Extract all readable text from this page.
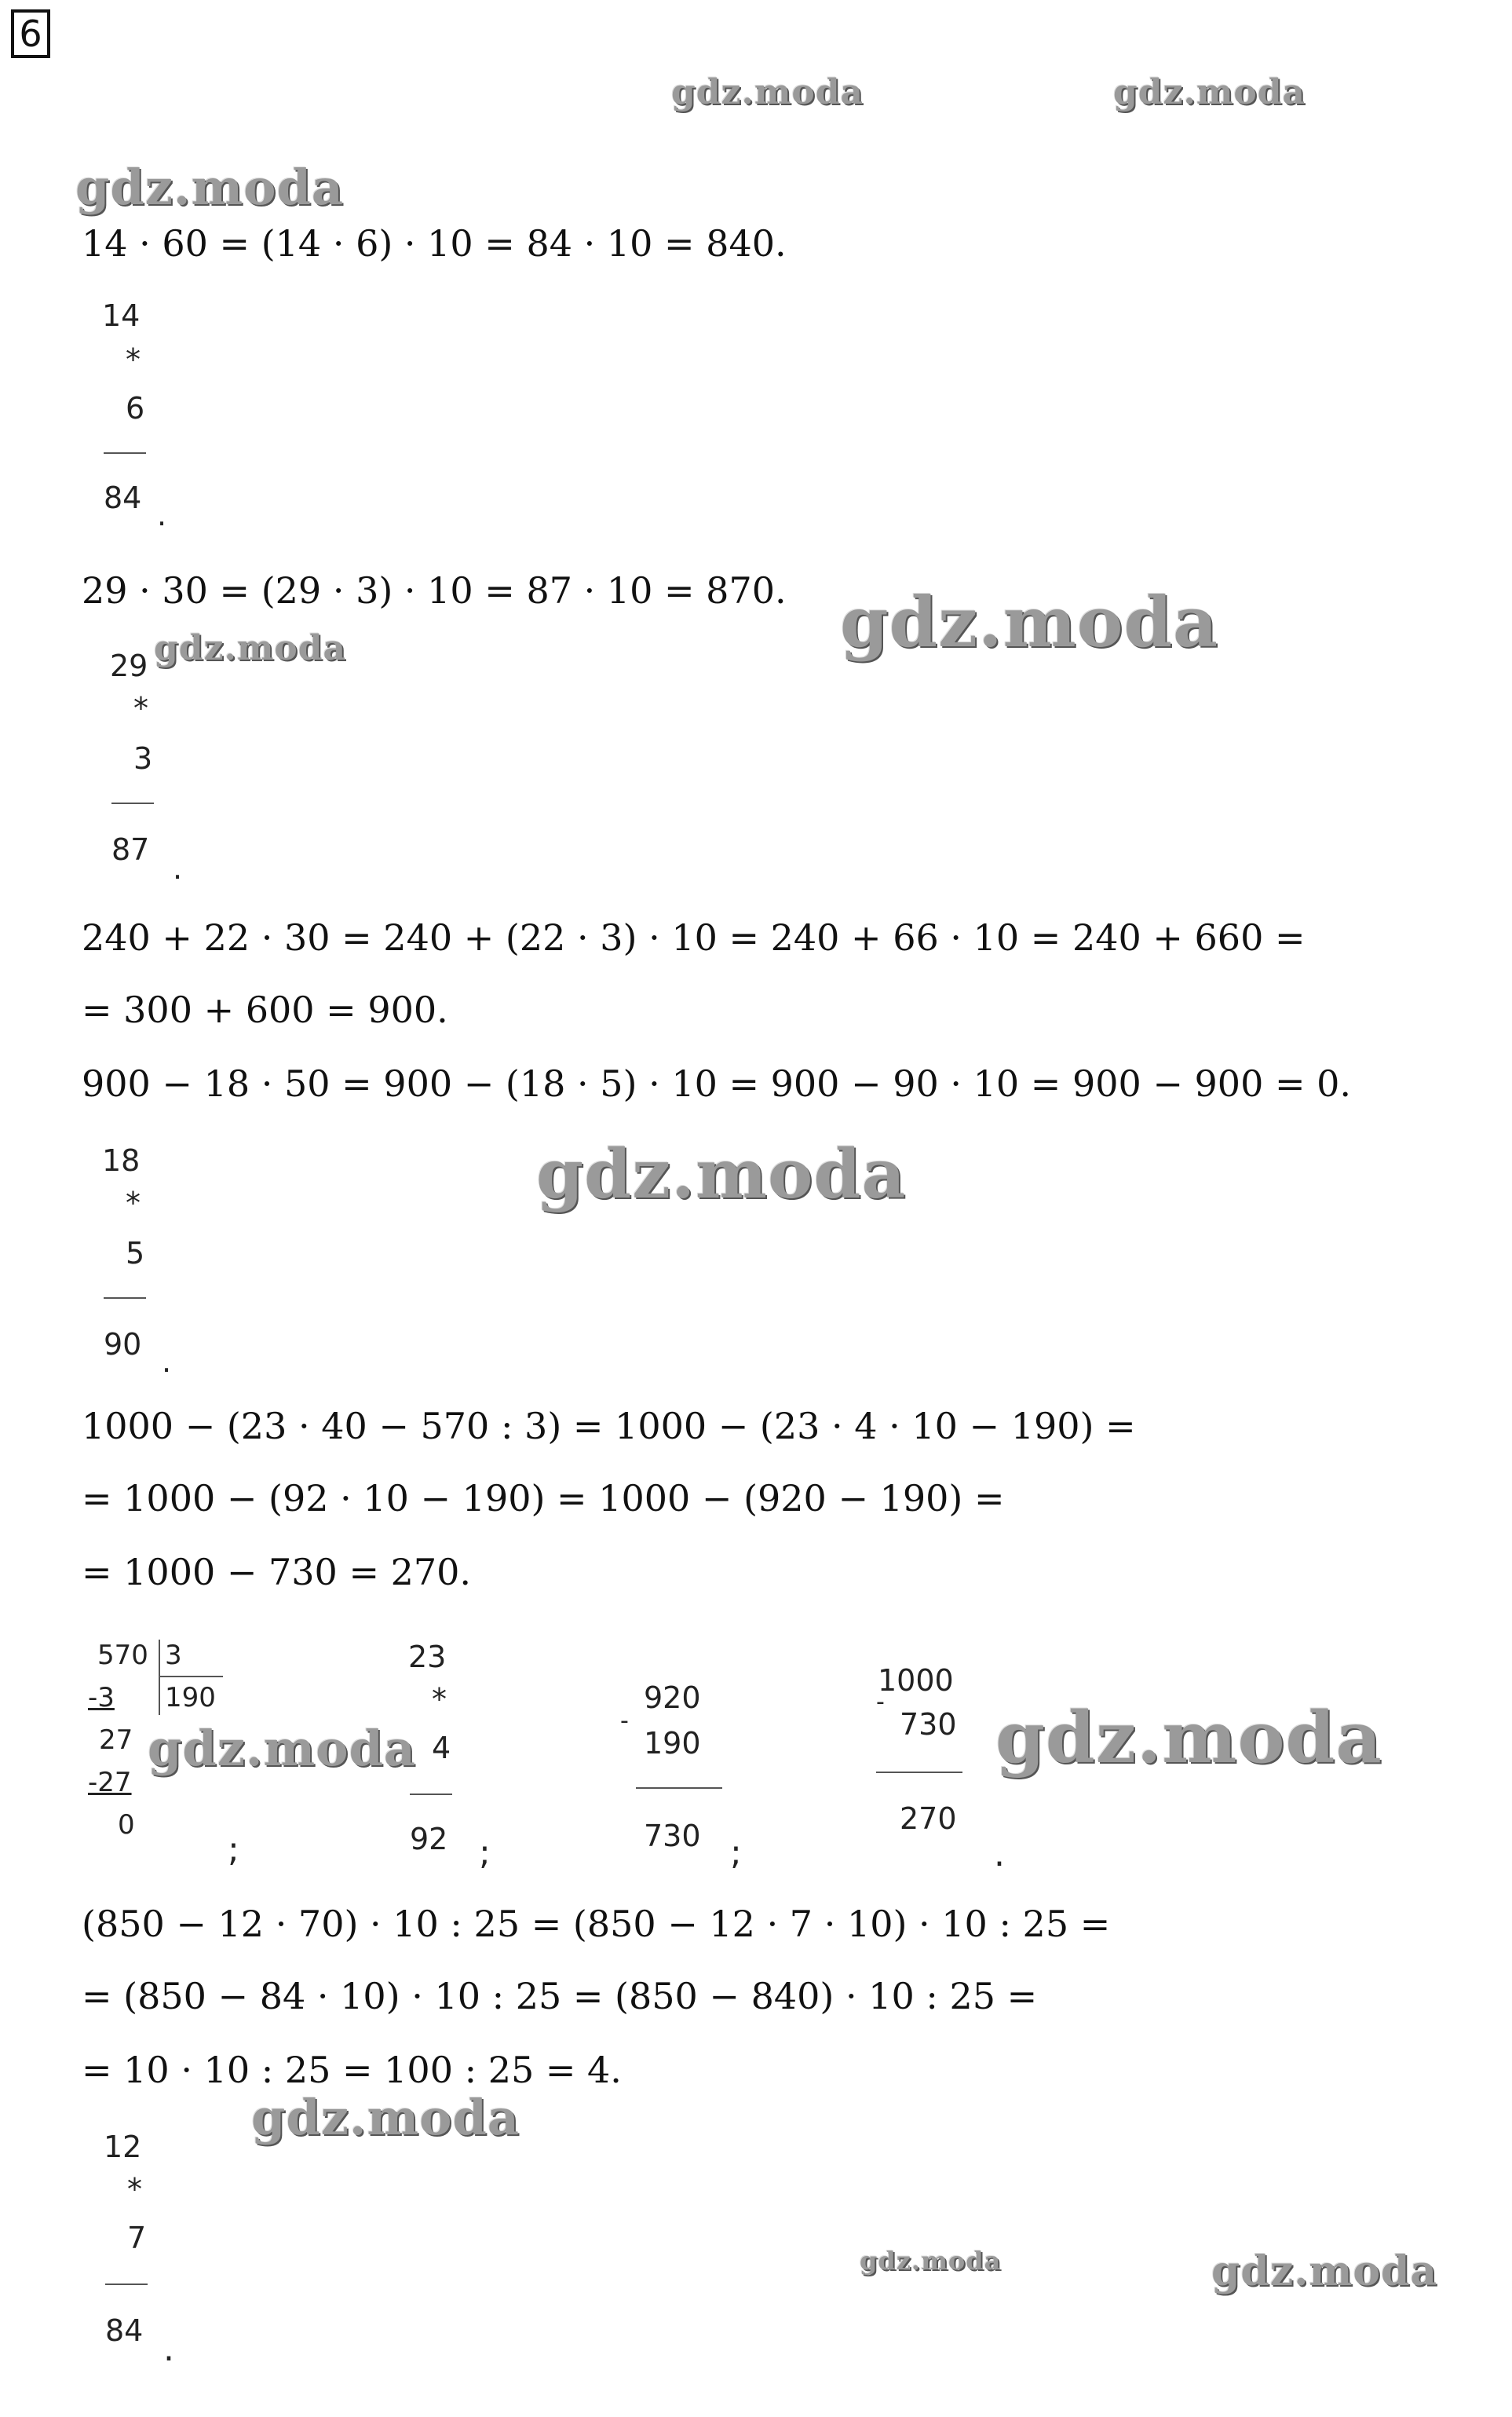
6
gdz.moda	gdz.moda
gdz.moda
gdz.moda
gdz.moda
gdz.moda
gdz.moda	gdz.moda
gdz.moda
gdz.moda	gdz.moda
14 · 60 = (14 · 6) · 10 = 84 · 10 = 840.
29 · 30 = (29 · 3) · 10 = 87 · 10 = 870.
240 + 22 · 30 = 240 + (22 · 3) · 10 = 240 + 66 · 10 = 240 + 660 =
= 300 + 600 = 900.
900 − 18 · 50 = 900 − (18 · 5) · 10 = 900 − 90 · 10 = 900 − 900 = 0.
1000 − (23 · 40 − 570 : 3) = 1000 − (23 · 4 · 10 − 190) =
= 1000 − (92 · 10 − 190) = 1000 − (920 − 190) =
= 1000 − 730 = 270.
(850 − 12 · 70) · 10 : 25 = (850 − 12 · 7 · 10) · 10 : 25 =
= (850 − 84 · 10) · 10 : 25 = (850 − 840) · 10 : 25 =
= 10 · 10 : 25 = 100 : 25 = 4.
14
*
6
84 .
29
*
3
87
.
18
*
5
90 .
570 3
190
-3
27
-27
0
;
23
*
4
92 ;
-
920
190
730 ;
-
1000
730
270
.
12
*
7
84 .
